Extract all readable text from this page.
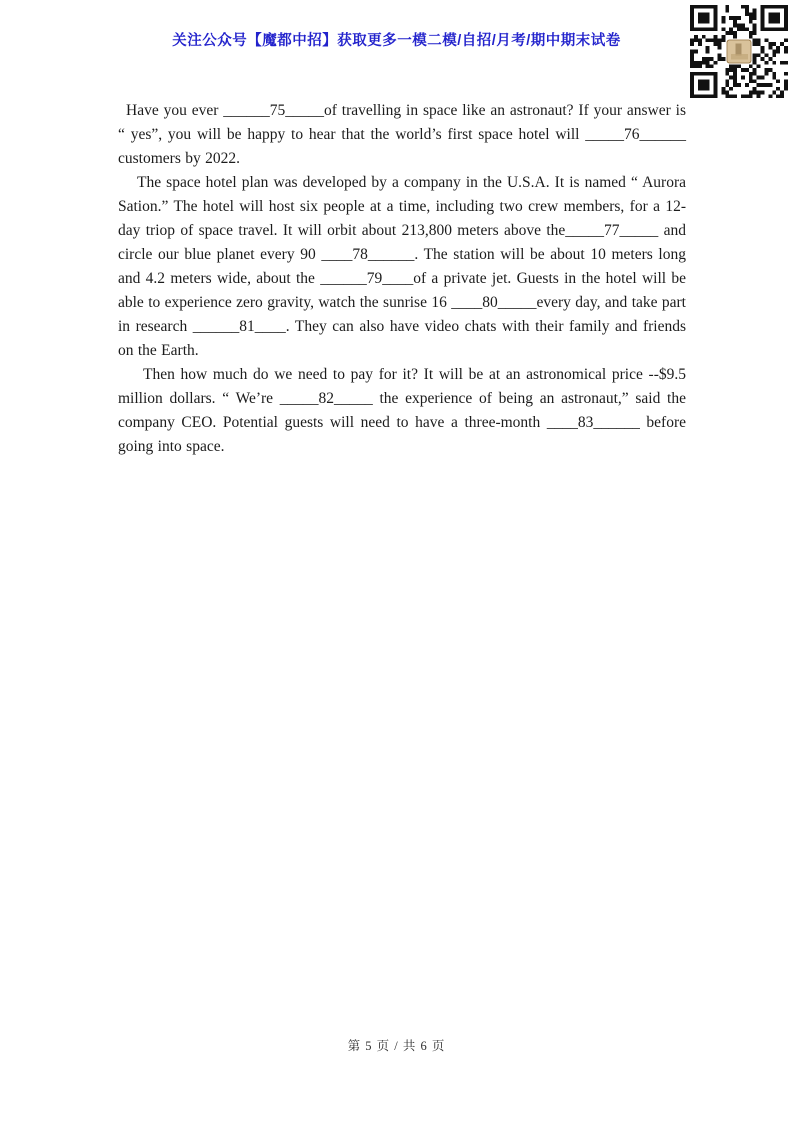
关注公众号【魔都中招】获取更多一模二模/自招/月考/期中期末试卷
Have you ever ______75_____of travelling in space like an astronaut? If your answer is “ yes”, you will be happy to hear that the world’s first space hotel will _____76______ customers by 2022.
The space hotel plan was developed by a company in the U.S.A. It is named “ Aurora Sation.” The hotel will host six people at a time, including two crew members, for a 12-day triop of space travel. It will orbit about 213,800 meters above the_____77_____ and circle our blue planet every 90 ____78______. The station will be about 10 meters long and 4.2 meters wide, about the ______79____of a private jet. Guests in the hotel will be able to experience zero gravity, watch the sunrise 16 ____80_____every day, and take part in research ______81____. They can also have video chats with their family and friends on the Earth.
Then how much do we need to pay for it? It will be at an astronomical price --$9.5 million dollars. “ We’re _____82_____ the experience of being an astronaut,” said the company CEO. Potential guests will need to have a three-month ____83______ before going into space.
第 5 页 / 共 6 页
